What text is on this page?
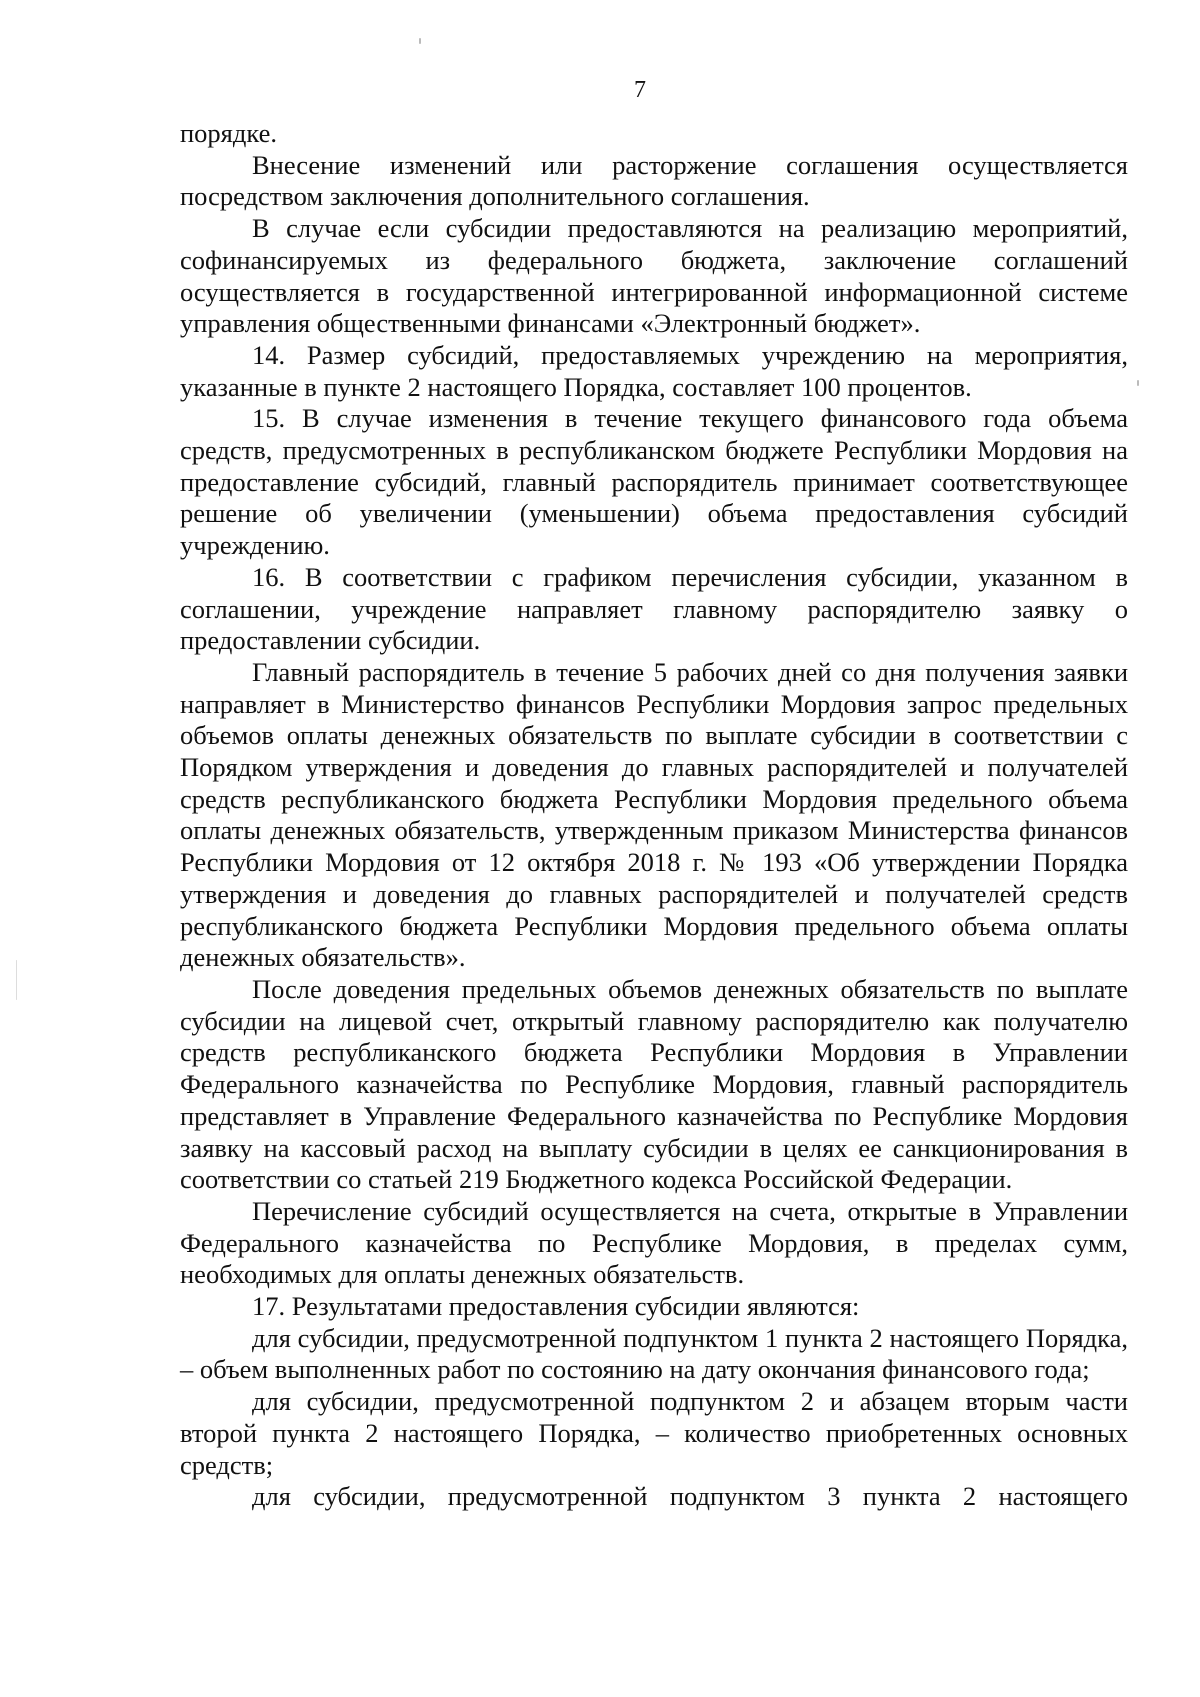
7

порядке.

Внесение изменений или расторжение соглашения осуществляется посредством заключения дополнительного соглашения.

В случае если субсидии предоставляются на реализацию мероприятий, софинансируемых из федерального бюджета, заключение соглашений осуществляется в государственной интегрированной информационной системе управления общественными финансами «Электронный бюджет».

14. Размер субсидий, предоставляемых учреждению на мероприятия, указанные в пункте 2 настоящего Порядка, составляет 100 процентов.

15. В случае изменения в течение текущего финансового года объема средств, предусмотренных в республиканском бюджете Республики Мордовия на предоставление субсидий, главный распорядитель принимает соответствующее решение об увеличении (уменьшении) объема предоставления субсидий учреждению.

16. В соответствии с графиком перечисления субсидии, указанном в соглашении, учреждение направляет главному распорядителю заявку о предоставлении субсидии.

Главный распорядитель в течение 5 рабочих дней со дня получения заявки направляет в Министерство финансов Республики Мордовия запрос предельных объемов оплаты денежных обязательств по выплате субсидии в соответствии с Порядком утверждения и доведения до главных распорядителей и получателей средств республиканского бюджета Республики Мордовия предельного объема оплаты денежных обязательств, утвержденным приказом Министерства финансов Республики Мордовия от 12 октября 2018 г. № 193 «Об утверждении Порядка утверждения и доведения до главных распорядителей и получателей средств республиканского бюджета Республики Мордовия предельного объема оплаты денежных обязательств».

После доведения предельных объемов денежных обязательств по выплате субсидии на лицевой счет, открытый главному распорядителю как получателю средств республиканского бюджета Республики Мордовия в Управлении Федерального казначейства по Республике Мордовия, главный распорядитель представляет в Управление Федерального казначейства по Республике Мордовия заявку на кассовый расход на выплату субсидии в целях ее санкционирования в соответствии со статьей 219 Бюджетного кодекса Российской Федерации.

Перечисление субсидий осуществляется на счета, открытые в Управлении Федерального казначейства по Республике Мордовия, в пределах сумм, необходимых для оплаты денежных обязательств.

17. Результатами предоставления субсидии являются:

для субсидии, предусмотренной подпунктом 1 пункта 2 настоящего Порядка, – объем выполненных работ по состоянию на дату окончания финансового года;

для субсидии, предусмотренной подпунктом 2 и абзацем вторым части второй пункта 2 настоящего Порядка, – количество приобретенных основных средств;

для субсидии, предусмотренной подпунктом 3 пункта 2 настоящего
